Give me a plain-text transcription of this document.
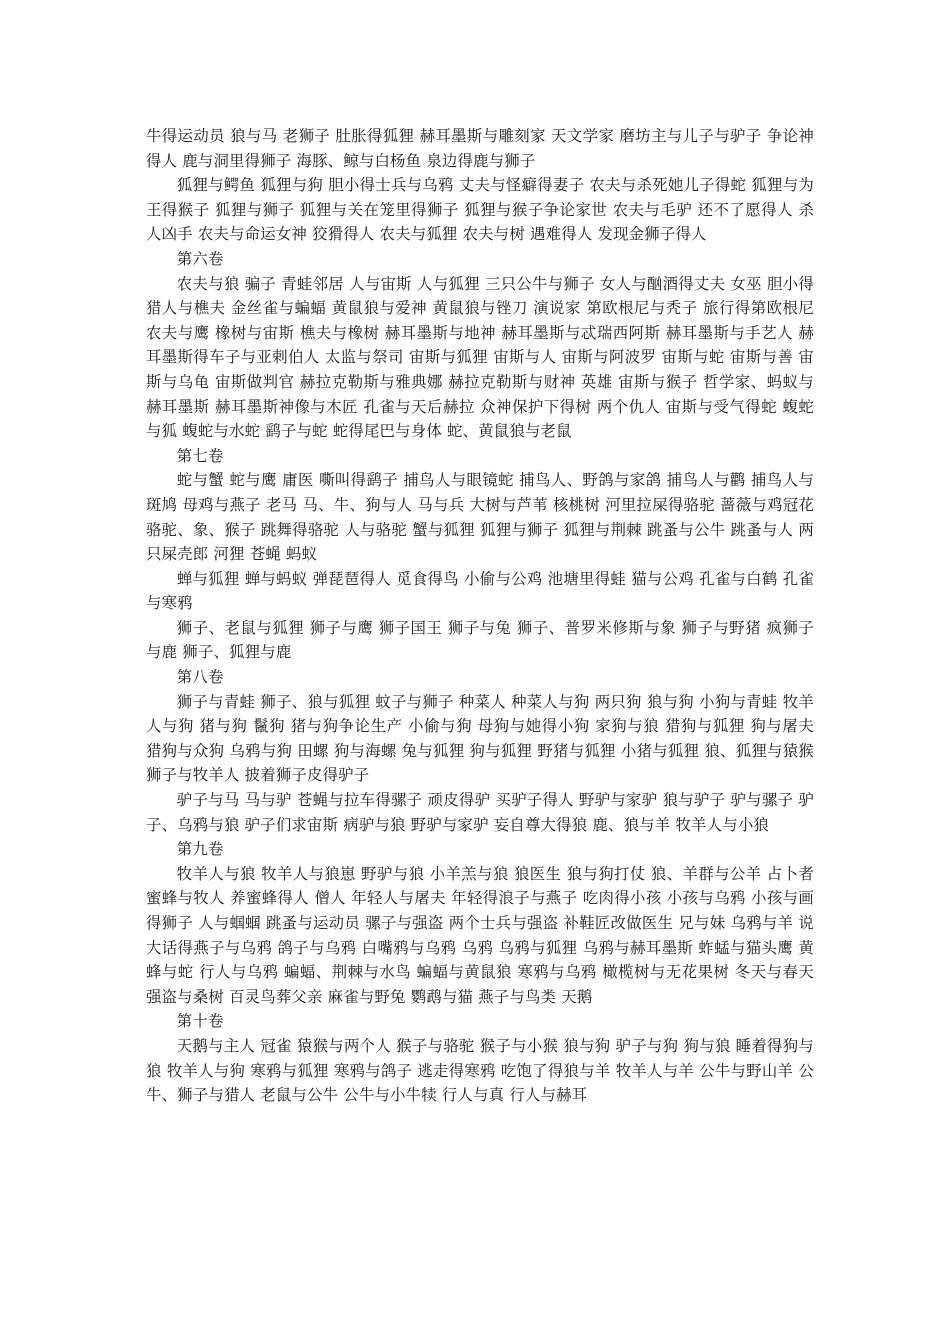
牛得运动员 狼与马 老狮子 肚胀得狐狸 赫耳墨斯与雕刻家 天文学家 磨坊主与儿子与驴子 争论神得人 鹿与洞里得狮子 海豚、鲸与白杨鱼 泉边得鹿与狮子

狐狸与鳄鱼 狐狸与狗 胆小得士兵与乌鸦 丈夫与怪癖得妻子 农夫与杀死她儿子得蛇 狐狸与为王得猴子 狐狸与狮子 狐狸与关在笼里得狮子 狐狸与猴子争论家世 农夫与毛驴 还不了愿得人 杀人凶手 农夫与命运女神 狡猾得人 农夫与狐狸 农夫与树 遇难得人 发现金狮子得人

第六卷

农夫与狼 骗子 青蛙邻居 人与宙斯 人与狐狸 三只公牛与狮子 女人与酗酒得丈夫 女巫 胆小得猎人与樵夫 金丝雀与蝙蝠 黄鼠狼与爱神 黄鼠狼与锉刀 演说家 第欧根尼与秃子 旅行得第欧根尼 农夫与鹰 橡树与宙斯 樵夫与橡树 赫耳墨斯与地神 赫耳墨斯与忒瑞西阿斯 赫耳墨斯与手艺人 赫耳墨斯得车子与亚剌伯人 太监与祭司 宙斯与狐狸 宙斯与人 宙斯与阿波罗 宙斯与蛇 宙斯与善 宙斯与乌龟 宙斯做判官 赫拉克勒斯与雅典娜 赫拉克勒斯与财神 英雄 宙斯与猴子 哲学家、蚂蚁与赫耳墨斯 赫耳墨斯神像与木匠 孔雀与天后赫拉 众神保护下得树 两个仇人 宙斯与受气得蛇 蝮蛇与狐 蝮蛇与水蛇 鹞子与蛇 蛇得尾巴与身体 蛇、黄鼠狼与老鼠

第七卷

蛇与蟹 蛇与鹰 庸医 嘶叫得鹞子 捕鸟人与眼镜蛇 捕鸟人、野鸽与家鸽 捕鸟人与鹳 捕鸟人与斑鸠 母鸡与燕子 老马 马、牛、狗与人 马与兵 大树与芦苇 核桃树 河里拉屎得骆驼 蔷薇与鸡冠花 骆驼、象、猴子 跳舞得骆驼 人与骆驼 蟹与狐狸 狐狸与狮子 狐狸与荆棘 跳蚤与公牛 跳蚤与人 两只屎壳郎 河狸 苍蝇 蚂蚁

蝉与狐狸 蝉与蚂蚁 弹琵琶得人 觅食得鸟 小偷与公鸡 池塘里得蛙 猫与公鸡 孔雀与白鹤 孔雀与寒鸦

狮子、老鼠与狐狸 狮子与鹰 狮子国王 狮子与兔 狮子、普罗米修斯与象 狮子与野猪 疯狮子与鹿 狮子、狐狸与鹿

第八卷

狮子与青蛙 狮子、狼与狐狸 蚊子与狮子 种菜人 种菜人与狗 两只狗 狼与狗 小狗与青蛙 牧羊人与狗 猪与狗 鬣狗 猪与狗争论生产 小偷与狗 母狗与她得小狗 家狗与狼 猎狗与狐狸 狗与屠夫 猎狗与众狗 乌鸦与狗 田螺 狗与海螺 兔与狐狸 狗与狐狸 野猪与狐狸 小猪与狐狸 狼、狐狸与猿猴 狮子与牧羊人 披着狮子皮得驴子

驴子与马 马与驴 苍蝇与拉车得骡子 顽皮得驴 买驴子得人 野驴与家驴 狼与驴子 驴与骡子 驴子、乌鸦与狼 驴子们求宙斯 病驴与狼 野驴与家驴 妄自尊大得狼 鹿、狼与羊 牧羊人与小狼

第九卷

牧羊人与狼 牧羊人与狼崽 野驴与狼 小羊羔与狼 狼医生 狼与狗打仗 狼、羊群与公羊 占卜者 蜜蜂与牧人 养蜜蜂得人 僧人 年轻人与屠夫 年轻得浪子与燕子 吃肉得小孩 小孩与乌鸦 小孩与画得狮子 人与蝈蝈 跳蚤与运动员 骡子与强盗 两个士兵与强盗 补鞋匠改做医生 兄与妹 乌鸦与羊 说大话得燕子与乌鸦 鸽子与乌鸦 白嘴鸦与乌鸦 乌鸦 乌鸦与狐狸 乌鸦与赫耳墨斯 蚱蜢与猫头鹰 黄蜂与蛇 行人与乌鸦 蝙蝠、荆棘与水鸟 蝙蝠与黄鼠狼 寒鸦与乌鸦 橄榄树与无花果树 冬天与春天 强盗与桑树 百灵鸟葬父亲 麻雀与野兔 鹦鹉与猫 燕子与鸟类 天鹅

第十卷

天鹅与主人 冠雀 猿猴与两个人 猴子与骆驼 猴子与小猴 狼与狗 驴子与狗 狗与狼 睡着得狗与狼 牧羊人与狗 寒鸦与狐狸 寒鸦与鸽子 逃走得寒鸦 吃饱了得狼与羊 牧羊人与羊 公牛与野山羊 公牛、狮子与猎人 老鼠与公牛 公牛与小牛犊 行人与真 行人与赫耳
